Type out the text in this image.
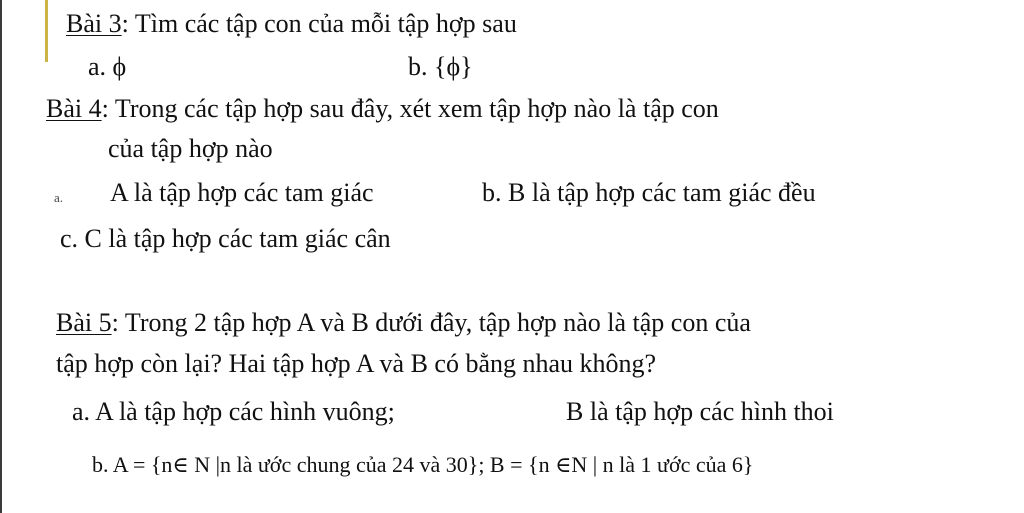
Bài 3: Tìm các tập con của mỗi tập hợp sau
a. ϕ	b. {ϕ}
Bài 4: Trong các tập hợp sau đây, xét xem tập hợp nào là tập con
của tập hợp nào
a. A là tập hợp các tam giác	b. B là tập hợp các tam giác đều
c. C là tập hợp các tam giác cân
Bài 5: Trong 2 tập hợp A và B dưới đây, tập hợp nào là tập con của
tập hợp còn lại? Hai tập hợp A và B có bằng nhau không?
a. A là tập hợp các hình vuông;	B là tập hợp các hình thoi
b. A = {n∈ N |n là ước chung của 24 và 30}; B = {n ∈N | n là 1 ước của 6}
